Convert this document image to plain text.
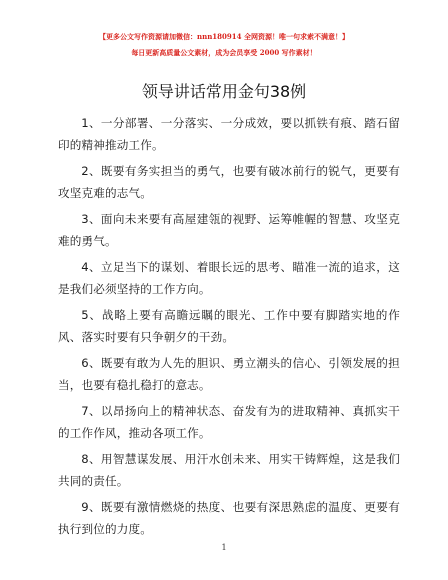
【更多公文写作资源请加微信：nnn180914 全网资源！唯一句求索不满意！】
每日更新高质量公文素材，成为会员享受 2000 写作素材！
领导讲话常用金句38例

1、一分部署、一分落实、一分成效，要以抓铁有痕、踏石留印的精神推动工作。

2、既要有务实担当的勇气，也要有破冰前行的锐气，更要有攻坚克难的志气。

3、面向未来要有高屋建瓴的视野、运筹帷幄的智慧、攻坚克难的勇气。

4、立足当下的谋划、着眼长远的思考、瞄准一流的追求，这是我们必须坚持的工作方向。

5、战略上要有高瞻远瞩的眼光、工作中要有脚踏实地的作风、落实时要有只争朝夕的干劲。

6、既要有敢为人先的胆识、勇立潮头的信心、引领发展的担当，也要有稳扎稳打的意志。

7、以昂扬向上的精神状态、奋发有为的进取精神、真抓实干的工作作风，推动各项工作。

8、用智慧谋发展、用汗水创未来、用实干铸辉煌，这是我们共同的责任。

9、既要有激情燃烧的热度、也要有深思熟虑的温度、更要有执行到位的力度。

1
